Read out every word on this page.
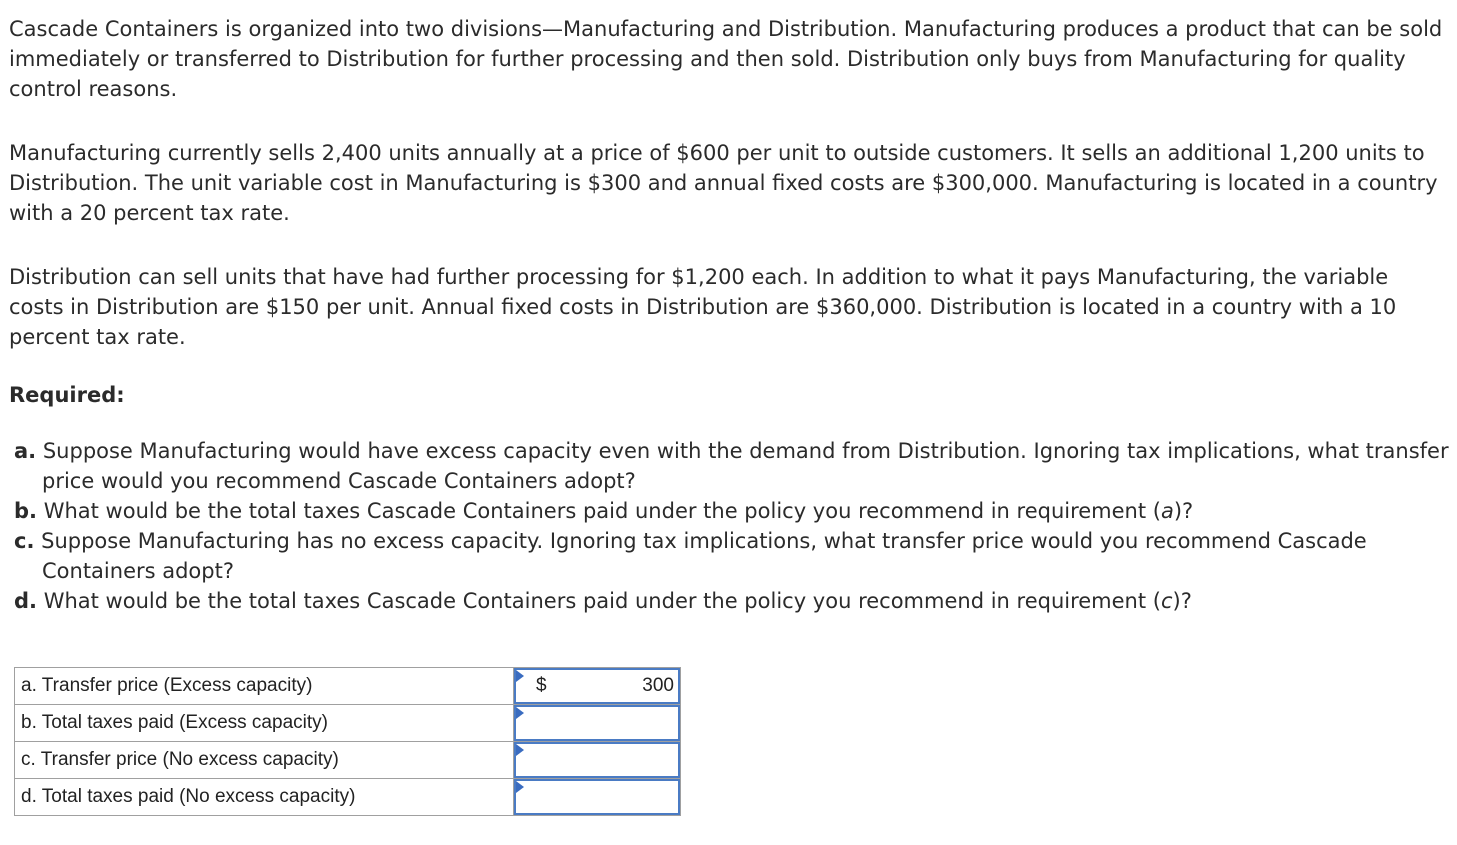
Cascade Containers is organized into two divisions—Manufacturing and Distribution. Manufacturing produces a product that can be sold immediately or transferred to Distribution for further processing and then sold. Distribution only buys from Manufacturing for quality control reasons.

Manufacturing currently sells 2,400 units annually at a price of $600 per unit to outside customers. It sells an additional 1,200 units to Distribution. The unit variable cost in Manufacturing is $300 and annual fixed costs are $300,000. Manufacturing is located in a country with a 20 percent tax rate.

Distribution can sell units that have had further processing for $1,200 each. In addition to what it pays Manufacturing, the variable costs in Distribution are $150 per unit. Annual fixed costs in Distribution are $360,000. Distribution is located in a country with a 10 percent tax rate.

Required:
a. Suppose Manufacturing would have excess capacity even with the demand from Distribution. Ignoring tax implications, what transfer price would you recommend Cascade Containers adopt?
b. What would be the total taxes Cascade Containers paid under the policy you recommend in requirement (a)?
c. Suppose Manufacturing has no excess capacity. Ignoring tax implications, what transfer price would you recommend Cascade Containers adopt?
d. What would be the total taxes Cascade Containers paid under the policy you recommend in requirement (c)?
a. Transfer price (Excess capacity)	$ 300

b. Total taxes paid (Excess capacity)	

c. Transfer price (No excess capacity)	

d. Total taxes paid (No excess capacity)	
